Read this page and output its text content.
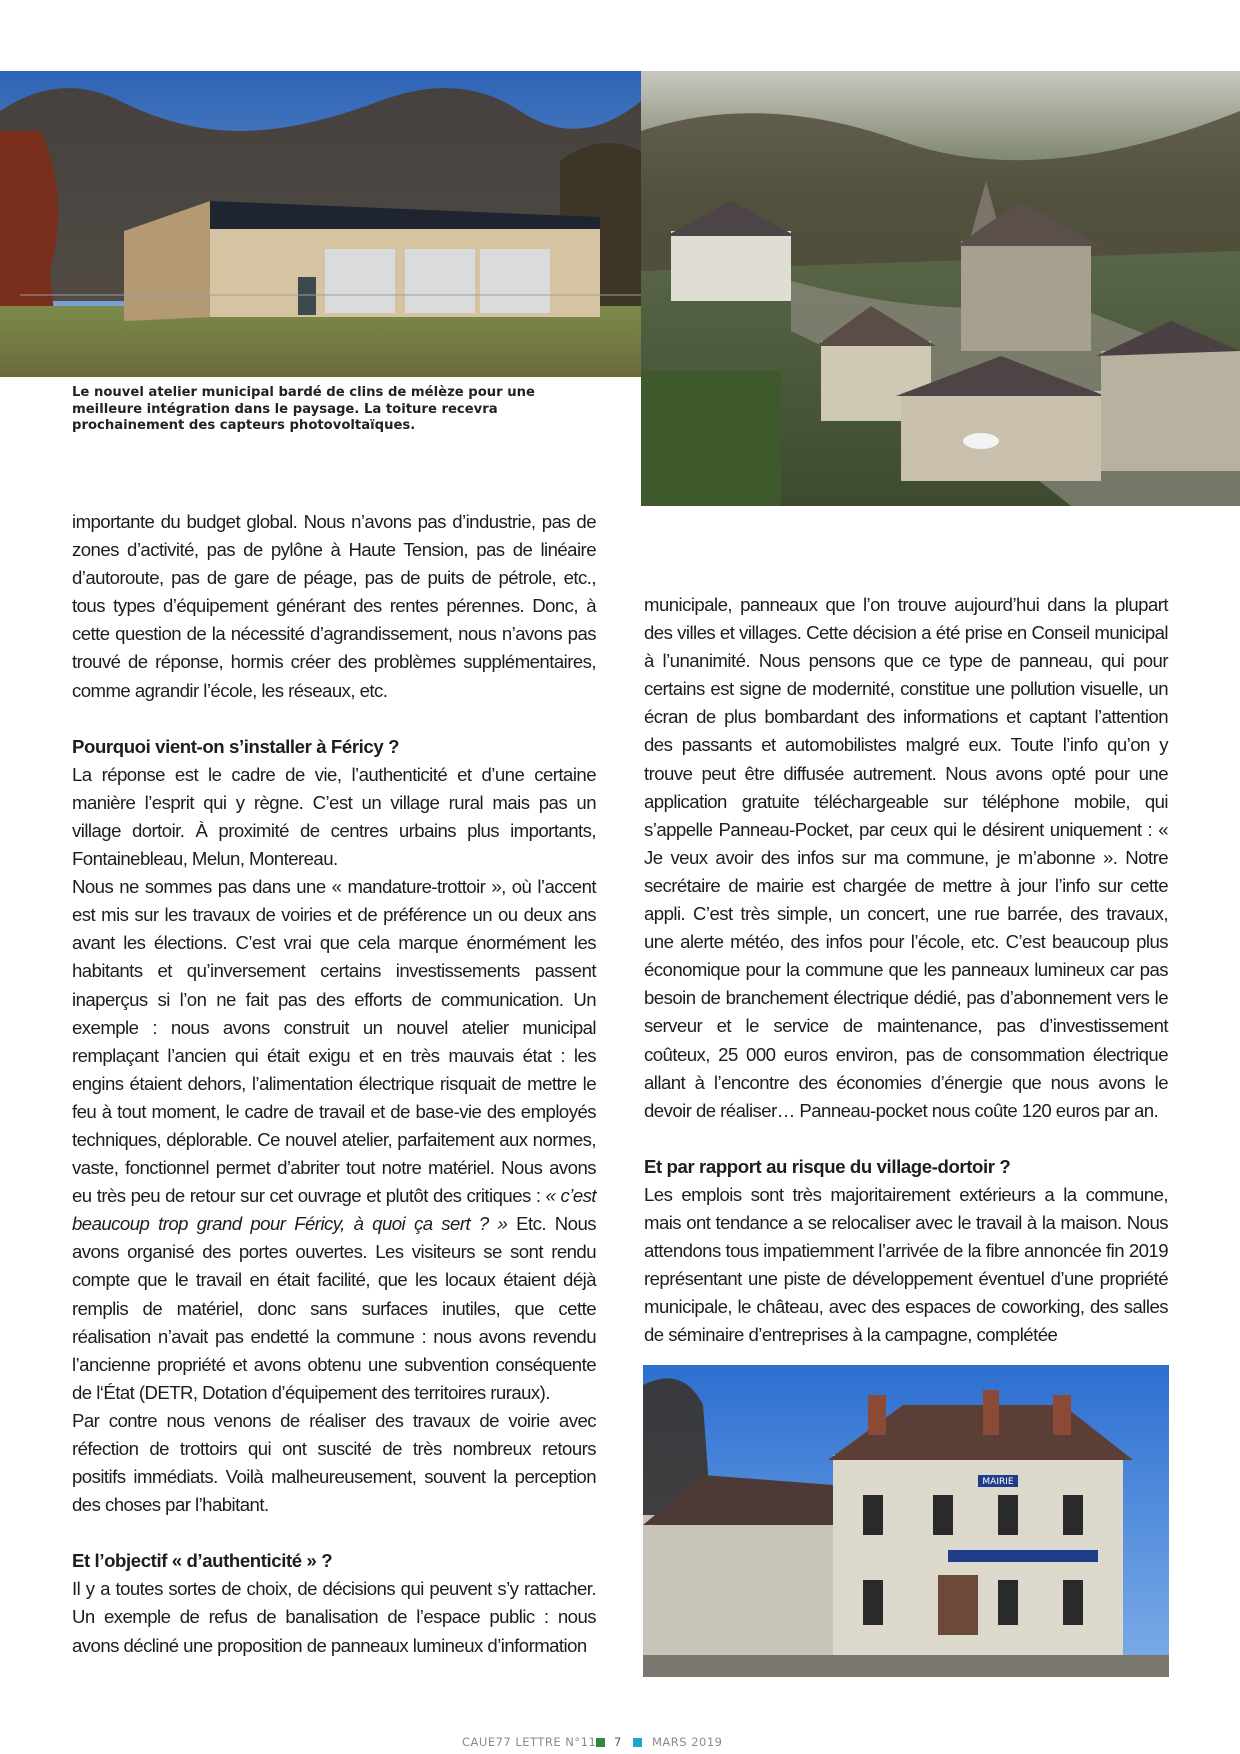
Le nouvel atelier municipal bardé de clins de mélèze pour une meilleure intégration dans le paysage. La toiture recevra prochainement des capteurs photovoltaïques.

importante du budget global. Nous n’avons pas d’industrie, pas de zones d’activité, pas de pylône à Haute Tension, pas de linéaire d’autoroute, pas de gare de péage, pas de puits de pétrole, etc., tous types d’équipement générant des rentes pérennes. Donc, à cette question de la nécessité d’agrandissement, nous n’avons pas trouvé de réponse, hormis créer des problèmes supplémentaires, comme agrandir l’école, les réseaux, etc.

Pourquoi vient-on s’installer à Féricy ?

La réponse est le cadre de vie, l’authenticité et d’une certaine manière l’esprit qui y règne. C’est un village rural mais pas un village dortoir. À proximité de centres urbains plus importants, Fontainebleau, Melun, Montereau.

Nous ne sommes pas dans une « mandature-trottoir », où l’accent est mis sur les travaux de voiries et de préférence un ou deux ans avant les élections. C’est vrai que cela marque énormément les habitants et qu’inversement certains investissements passent inaperçus si l’on ne fait pas des efforts de communication. Un exemple : nous avons construit un nouvel atelier municipal remplaçant l’ancien qui était exigu et en très mauvais état : les engins étaient dehors, l’alimentation électrique risquait de mettre le feu à tout moment, le cadre de travail et de base-vie des employés techniques, déplorable. Ce nouvel atelier, parfaitement aux normes, vaste, fonctionnel permet d’abriter tout notre matériel. Nous avons eu très peu de retour sur cet ouvrage et plutôt des critiques : « c’est beaucoup trop grand pour Féricy, à quoi ça sert ? » Etc. Nous avons organisé des portes ouvertes. Les visiteurs se sont rendu compte que le travail en était facilité, que les locaux étaient déjà remplis de matériel, donc sans surfaces inutiles, que cette réalisation n’avait pas endetté la commune : nous avons revendu l’ancienne propriété et avons obtenu une subvention conséquente de l‘État (DETR, Dotation d’équipement des territoires ruraux).

Par contre nous venons de réaliser des travaux de voirie avec réfection de trottoirs qui ont suscité de très nombreux retours positifs immédiats. Voilà malheureusement, souvent la perception des choses par l’habitant.

Et l’objectif « d’authenticité » ?

Il y a toutes sortes de choix, de décisions qui peuvent s’y rattacher. Un exemple de refus de banalisation de l’espace public : nous avons décliné une proposition de panneaux lumineux d’information

municipale, panneaux que l’on trouve aujourd’hui dans la plupart des villes et villages. Cette décision a été prise en Conseil municipal à l’unanimité. Nous pensons que ce type de panneau, qui pour certains est signe de modernité, constitue une pollution visuelle, un écran de plus bombardant des informations et captant l’attention des passants et automobilistes malgré eux. Toute l’info qu’on y trouve peut être diffusée autrement. Nous avons opté pour une application gratuite téléchargeable sur téléphone mobile, qui s’appelle Panneau-Pocket, par ceux qui le désirent uniquement : « Je veux avoir des infos sur ma commune, je m’abonne ». Notre secrétaire de mairie est chargée de mettre à jour l’info sur cette appli. C’est très simple, un concert, une rue barrée, des travaux, une alerte météo, des infos pour l’école, etc. C’est beaucoup plus économique pour la commune que les panneaux lumineux car pas besoin de branchement électrique dédié, pas d’abonnement vers le serveur et le service de maintenance, pas d’investissement coûteux, 25 000 euros environ, pas de consommation électrique allant à l’encontre des économies d’énergie que nous avons le devoir de réaliser… Panneau-pocket nous coûte 120 euros par an.

Et par rapport au risque du village-dortoir ?

Les emplois sont très majoritairement extérieurs a la commune, mais ont tendance a se relocaliser avec le travail à la maison. Nous attendons tous impatiemment l’arrivée de la fibre annoncée fin 2019 représentant une piste de développement éventuel d’une propriété municipale, le château, avec des espaces de coworking, des salles de séminaire d’entreprises à la campagne, complétée

MAIRIE
CAUE77 LETTRE N°11 7	MARS 2019
